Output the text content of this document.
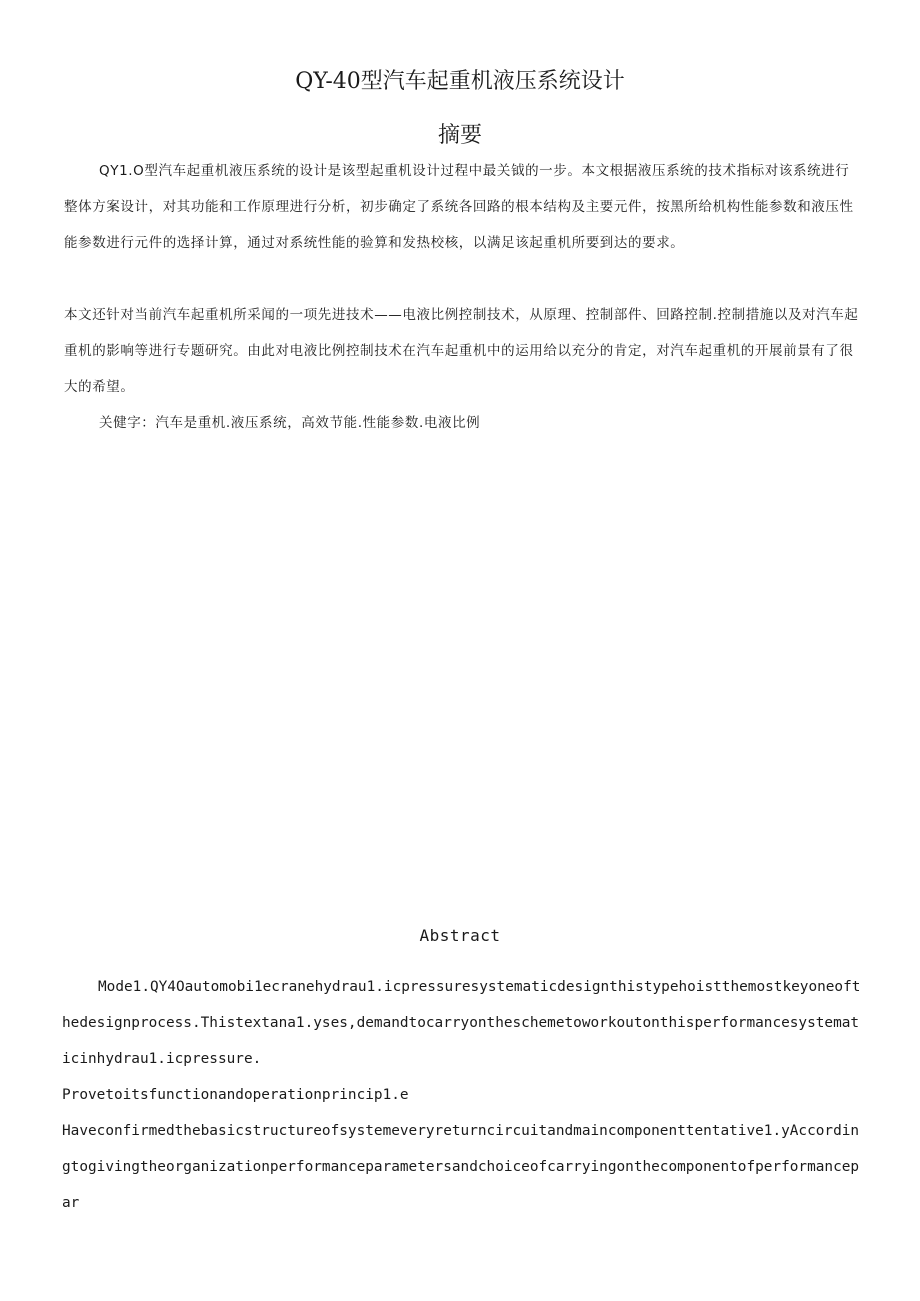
QY-40型汽车起重机液压系统设计
摘要
QY1.O型汽车起重机液压系统的设计是该型起重机设计过程中最关钺的一步。本文根据液压系统的技术指标对该系统进行整体方案设计，对其功能和工作原理进行分析，初步确定了系统各回路的根本结构及主要元件，按黑所给机构性能参数和液压性能参数进行元件的选择计算，通过对系统性能的验算和发热校核，以满足该起重机所要到达的要求。
本文还针对当前汽车起重机所采闻的一项先进技术——电液比例控制技术，从原理、控制部件、回路控制.控制措施以及对汽车起重机的影响等进行专题研究。由此对电液比例控制技术在汽车起重机中的运用给以充分的肯定，对汽车起重机的开展前景有了很大的希望。
关健字：汽车是重机.液压系统，高效节能.性能参数.电液比例
Abstract
Mode1.QY4Oautomobi1ecranehydrau1.icpressuresystematicdesignthistypehoistthemostkeyoneofthedesignprocess.Thistextana1.yses,demandtocarryontheschemetoworkoutonthisperformancesystematicinhydrau1.icpressure.
Provetoitsfunctionandoperationprincip1.e
Haveconfirmedthebasicstructureofsystemeveryreturncircuitandmaincomponenttentative1.yAccordingtogivingtheorganizationperformanceparametersandchoiceofcarryingonthecomponentofperformancepar
